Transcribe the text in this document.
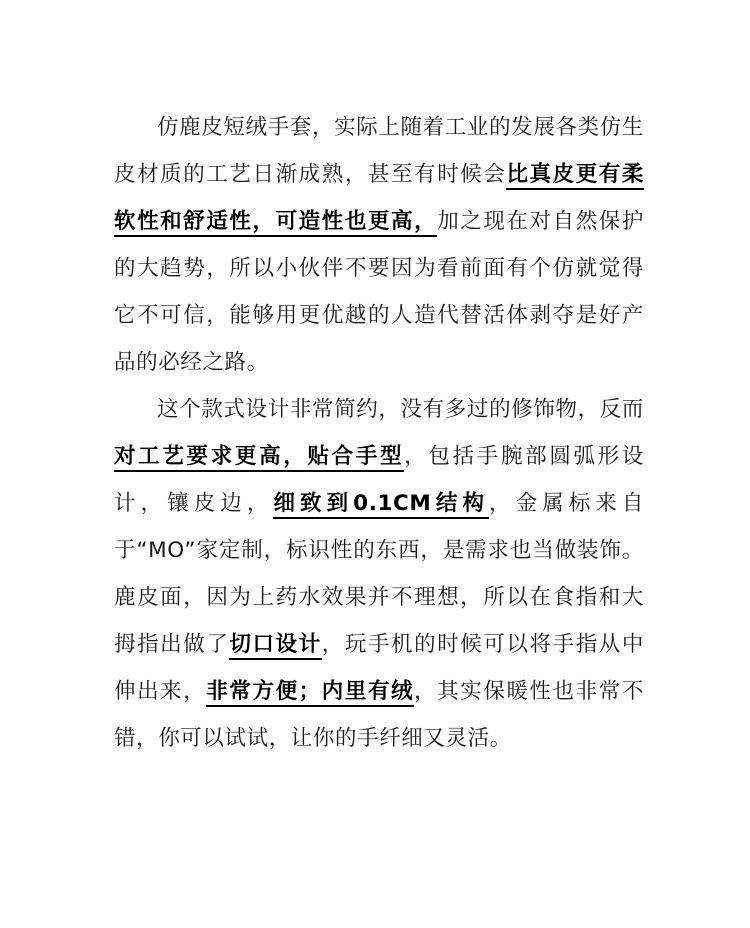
仿鹿皮短绒手套，实际上随着工业的发展各类仿生皮材质的工艺日渐成熟，甚至有时候会比真皮更有柔软性和舒适性，可造性也更高，加之现在对自然保护的大趋势，所以小伙伴不要因为看前面有个仿就觉得它不可信，能够用更优越的人造代替活体剥夺是好产品的必经之路。

这个款式设计非常简约，没有多过的修饰物，反而对工艺要求更高，贴合手型，包括手腕部圆弧形设计，镶皮边，细致到0.1CM结构，金属标来自于“MO”家定制，标识性的东西，是需求也当做装饰。鹿皮面，因为上药水效果并不理想，所以在食指和大拇指出做了切口设计，玩手机的时候可以将手指从中伸出来，非常方便；内里有绒，其实保暖性也非常不错，你可以试试，让你的手纤细又灵活。
